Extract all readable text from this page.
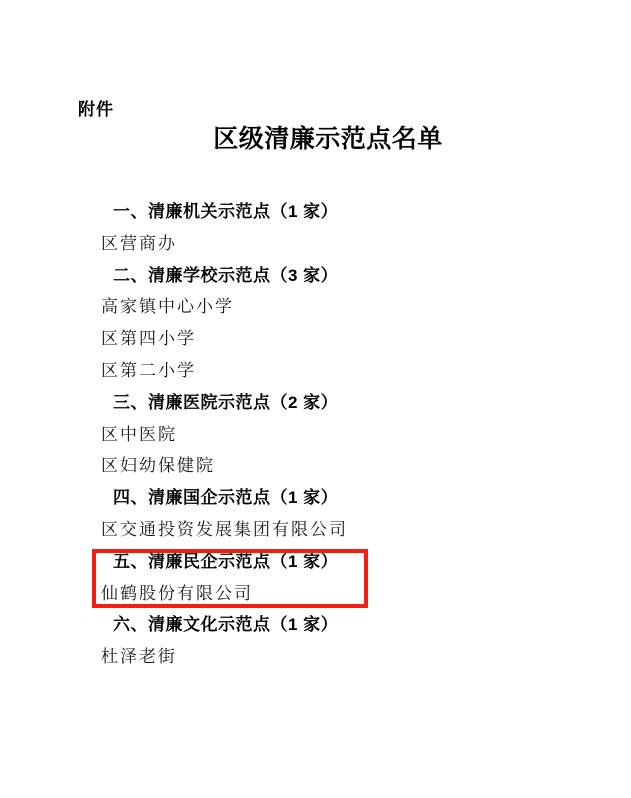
附件
区级清廉示范点名单
一、清廉机关示范点（1 家）
区营商办
二、清廉学校示范点（3 家）
高家镇中心小学
区第四小学
区第二小学
三、清廉医院示范点（2 家）
区中医院
区妇幼保健院
四、清廉国企示范点（1 家）
区交通投资发展集团有限公司
五、清廉民企示范点（1 家）
仙鹤股份有限公司
六、清廉文化示范点（1 家）
杜泽老街
